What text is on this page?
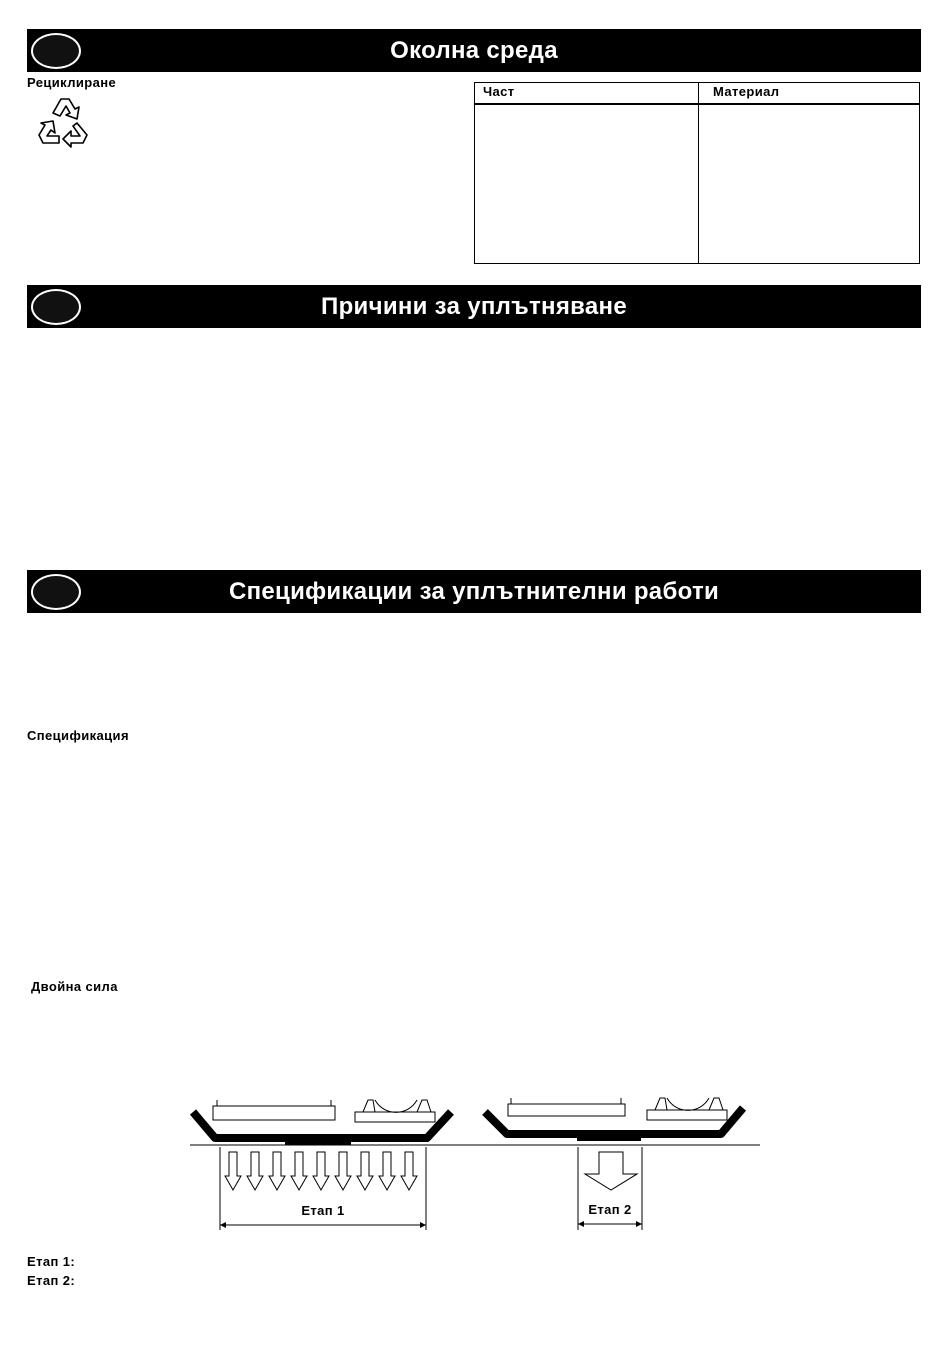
Околна среда
Рециклиране
Част	Материал
Причини за уплътняване
Спецификации за уплътнителни работи
Спецификация
Двойна сила
Етап 1	Етап 2
Етап 1:
Етап 2:
